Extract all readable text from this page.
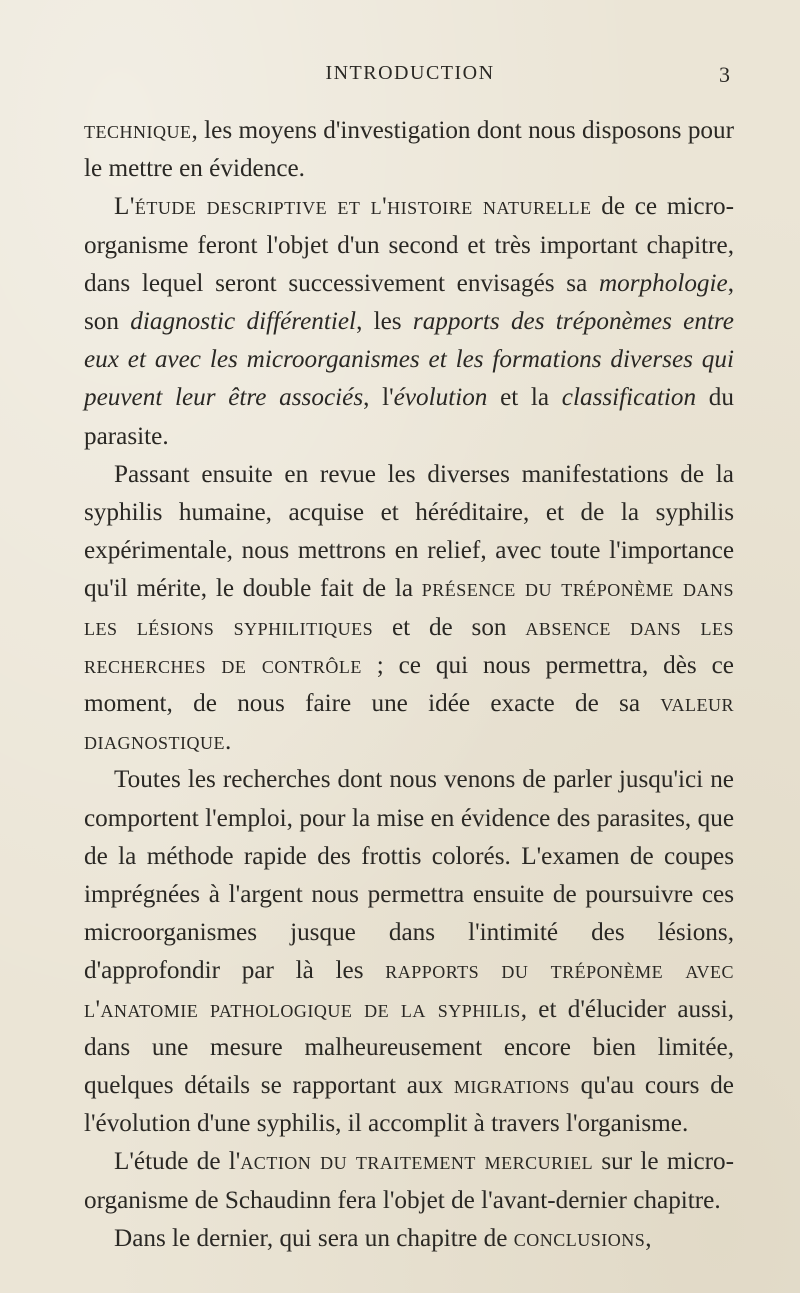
INTRODUCTION	3

technique, les moyens d'investigation dont nous disposons pour le mettre en évidence.

L'étude descriptive et l'histoire naturelle de ce micro-organisme feront l'objet d'un second et très important chapitre, dans lequel seront successivement envisagés sa morphologie, son diagnostic différentiel, les rapports des tréponèmes entre eux et avec les microorganismes et les formations diverses qui peuvent leur être associés, l'évolution et la classification du parasite.

Passant ensuite en revue les diverses manifestations de la syphilis humaine, acquise et héréditaire, et de la syphilis expérimentale, nous mettrons en relief, avec toute l'importance qu'il mérite, le double fait de la présence du tréponème dans les lésions syphilitiques et de son absence dans les recherches de contrôle ; ce qui nous permettra, dès ce moment, de nous faire une idée exacte de sa valeur diagnostique.

Toutes les recherches dont nous venons de parler jusqu'ici ne comportent l'emploi, pour la mise en évidence des parasites, que de la méthode rapide des frottis colorés. L'examen de coupes imprégnées à l'argent nous permettra ensuite de poursuivre ces microorganismes jusque dans l'intimité des lésions, d'approfondir par là les rapports du tréponème avec l'anatomie pathologique de la syphilis, et d'élucider aussi, dans une mesure malheureusement encore bien limitée, quelques détails se rapportant aux migrations qu'au cours de l'évolution d'une syphilis, il accomplit à travers l'organisme.

L'étude de l'action du traitement mercuriel sur le micro-organisme de Schaudinn fera l'objet de l'avant-dernier chapitre.

Dans le dernier, qui sera un chapitre de conclusions,
